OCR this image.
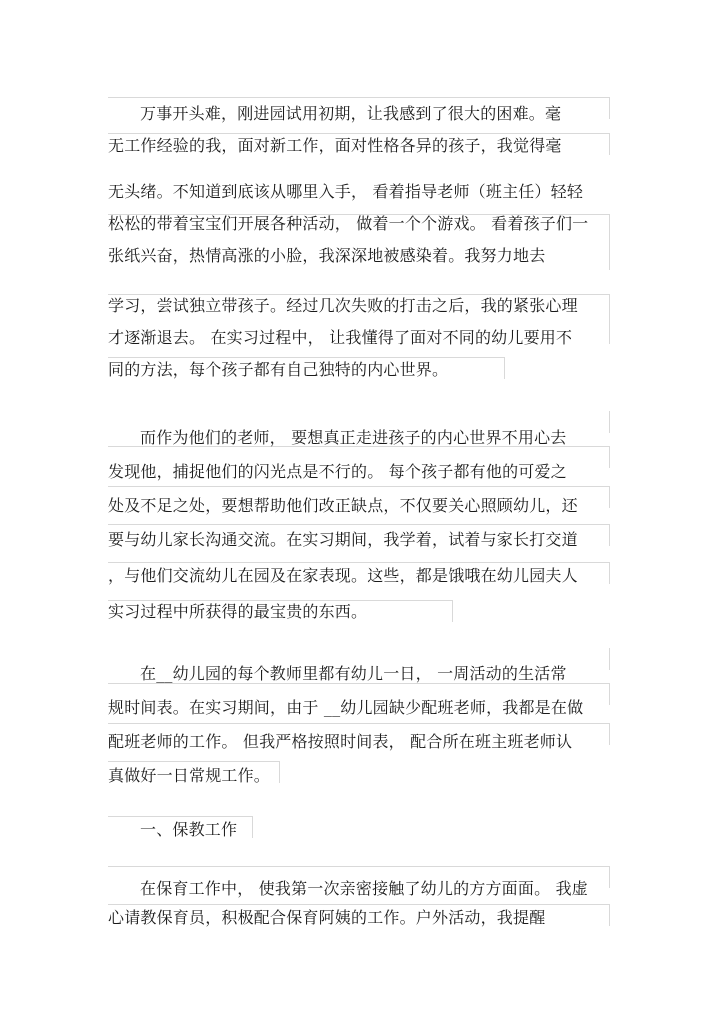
万事开头难，刚进园试用初期，让我感到了很大的困难。毫
无工作经验的我，面对新工作，面对性格各异的孩子，我觉得毫
无头绪。不知道到底该从哪里入手， 看着指导老师（班主任）轻轻
松松的带着宝宝们开展各种活动， 做着一个个游戏。 看着孩子们一
张纸兴奋，热情高涨的小脸，我深深地被感染着。我努力地去
学习，尝试独立带孩子。经过几次失败的打击之后，我的紧张心理
才逐渐退去。 在实习过程中， 让我懂得了面对不同的幼儿要用不
同的方法，每个孩子都有自己独特的内心世界。
而作为他们的老师， 要想真正走进孩子的内心世界不用心去
发现他，捕捉他们的闪光点是不行的。 每个孩子都有他的可爱之
处及不足之处，要想帮助他们改正缺点，不仅要关心照顾幼儿，还
要与幼儿家长沟通交流。在实习期间，我学着，试着与家长打交道
，与他们交流幼儿在园及在家表现。这些，都是饿哦在幼儿园夫人
实习过程中所获得的最宝贵的东西。
在__幼儿园的每个教师里都有幼儿一日， 一周活动的生活常
规时间表。在实习期间，由于 __幼儿园缺少配班老师，我都是在做
配班老师的工作。 但我严格按照时间表， 配合所在班主班老师认
真做好一日常规工作。
一、保教工作
在保育工作中， 使我第一次亲密接触了幼儿的方方面面。 我虚
心请教保育员，积极配合保育阿姨的工作。户外活动，我提醒
